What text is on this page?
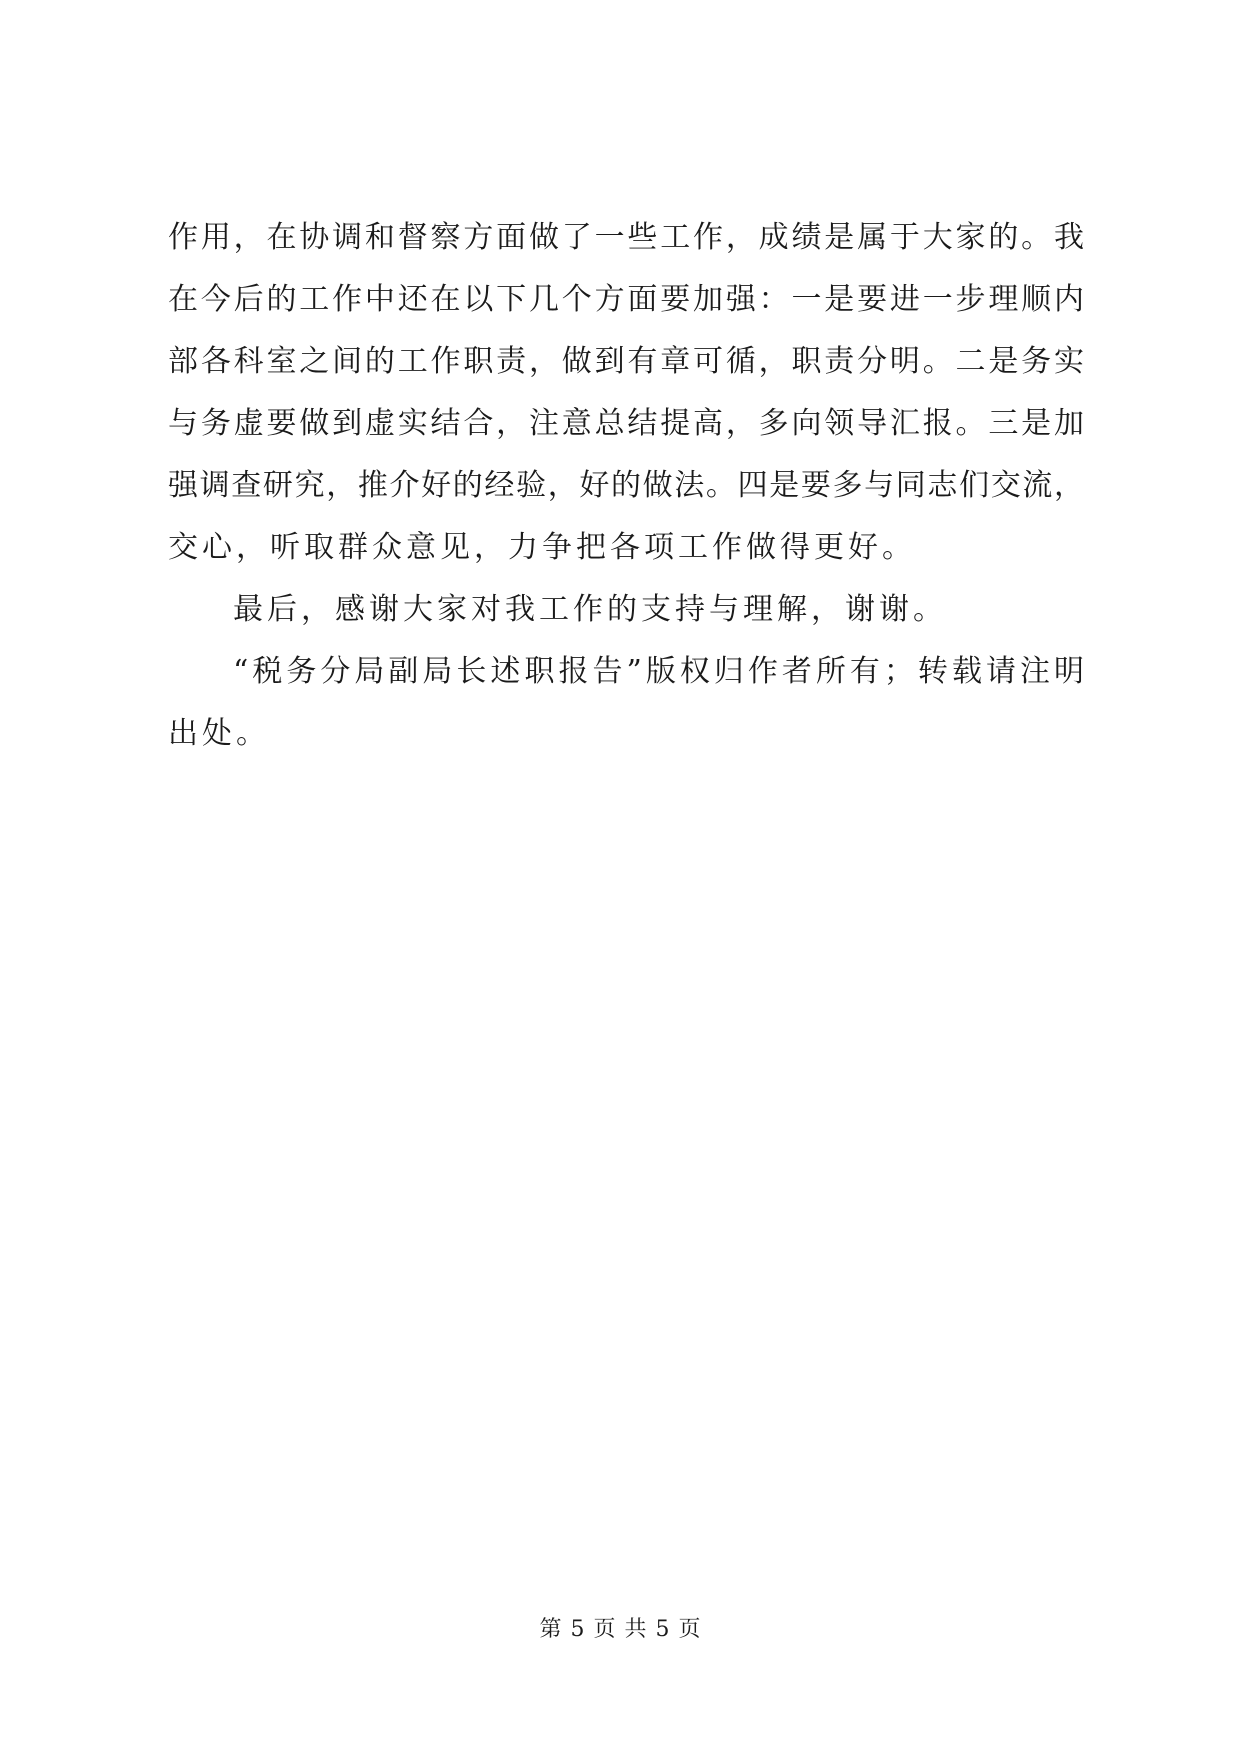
作用，在协调和督察方面做了一些工作，成绩是属于大家的。我
在今后的工作中还在以下几个方面要加强：一是要进一步理顺内
部各科室之间的工作职责，做到有章可循，职责分明。二是务实
与务虚要做到虚实结合，注意总结提高，多向领导汇报。三是加
强调查研究，推介好的经验，好的做法。四是要多与同志们交流，
交心，听取群众意见，力争把各项工作做得更好。
最后，感谢大家对我工作的支持与理解，谢谢。
“税务分局副局长述职报告”版权归作者所有；转载请注明
出处。
第 5 页 共 5 页
